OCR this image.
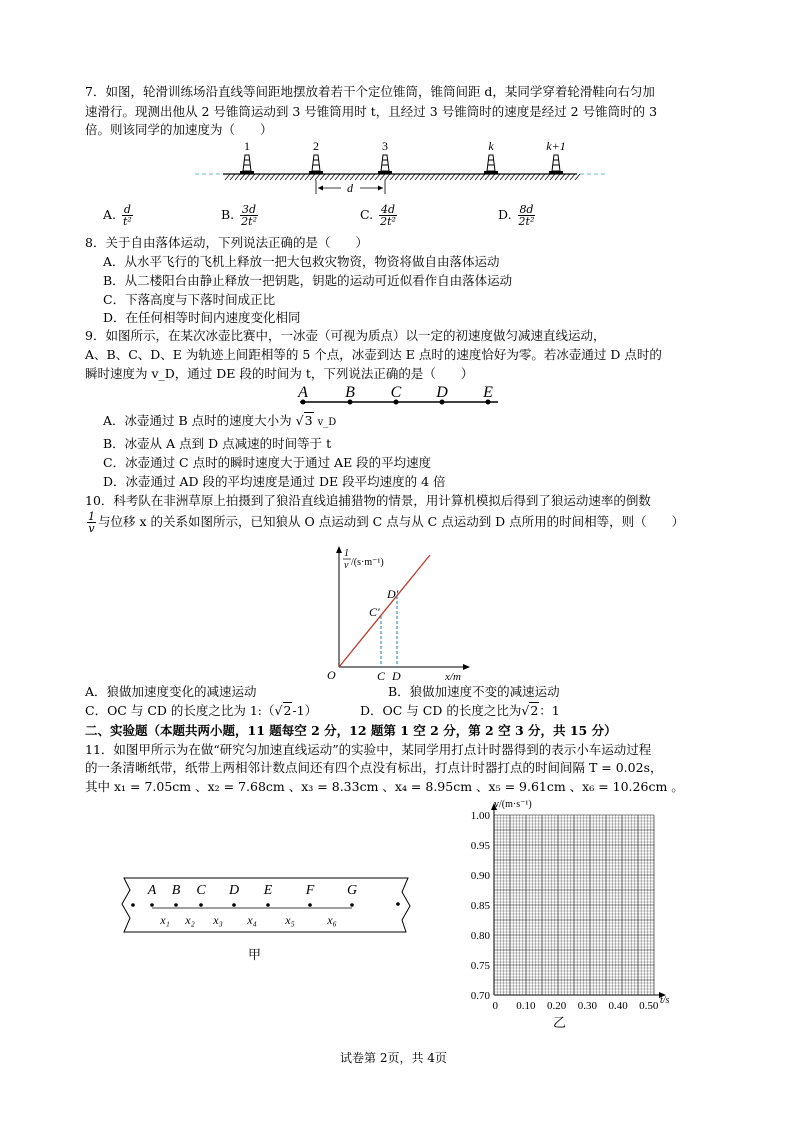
7．如图，轮滑训练场沿直线等间距地摆放着若干个定位锥筒，锥筒间距 d，某同学穿着轮滑鞋向右匀加
速滑行。现测出他从 2 号锥筒运动到 3 号锥筒用时 t，且经过 3 号锥筒时的速度是经过 2 号锥筒时的 3
倍。则该同学的加速度为（　　）
1	2	3	k	k+1
d
A. $\frac{d}{\text{t²}}$	B. $\frac{3d}{\text{2t²}}$	C. $\frac{4d}{\text{2t²}}$	D. $\frac{8d}{\text{2t²}}$
8．关于自由落体运动，下列说法正确的是（　　）
A．从水平飞行的飞机上释放一把大包救灾物资，物资将做自由落体运动
B．从二楼阳台由静止释放一把钥匙，钥匙的运动可近似看作自由落体运动
C．下落高度与下落时间成正比
D．在任何相等时间内速度变化相同
9．如图所示，在某次冰壶比赛中，一冰壶（可视为质点）以一定的初速度做匀减速直线运动，
A、B、C、D、E 为轨迹上间距相等的 5 个点，冰壶到达 E 点时的速度恰好为零。若冰壶通过 D 点时的
瞬时速度为 v_D，通过 DE 段的时间为 t，下列说法正确的是（　　）
A B C D E
A．冰壶通过 B 点时的速度大小为 √3 v_D
B．冰壶从 A 点到 D 点减速的时间等于 t
C．冰壶通过 C 点时的瞬时速度大于通过 AE 段的平均速度
D．冰壶通过 AD 段的平均速度是通过 DE 段平均速度的 4 倍
10．科考队在非洲草原上拍摄到了狼沿直线追捕猎物的情景，用计算机模拟后得到了狼运动速率的倒数
$\frac{1}{v}$ 与位移 x 的关系如图所示，已知狼从 O 点运动到 C 点与从 C 点运动到 D 点所用的时间相等，则（　　）
1
v /(s·m⁻¹)
x/m
O	C D
C'
D'
A．狼做加速度变化的减速运动	B．狼做加速度不变的减速运动
C．OC 与 CD 的长度之比为 1:（√2-1）	D．OC 与 CD 的长度之比为√2：1
二、实验题（本题共两小题，11 题每空 2 分，12 题第 1 空 2 分，第 2 空 3 分，共 15 分）
11．如图甲所示为在做“研究匀加速直线运动”的实验中，某同学用打点计时器得到的表示小车运动过程
的一条清晰纸带，纸带上两相邻计数点间还有四个点没有标出，打点计时器打点的时间间隔 T = 0.02s，
其中 x₁ = 7.05cm 、x₂ = 7.68cm 、x₃ = 8.33cm 、x₄ = 8.95cm 、x₅ = 9.61cm 、x₆ = 10.26cm 。
A B C D E F G
x₁ x₂ x₃ x₄ x₅	x₆
甲
v/(m·s⁻¹)
t/s
1.00
0.95
0.90
0.85
0.80
0.75
0.70
0 0.10 0.20 0.30 0.40 0.50
乙
试卷第 2页，共 4页
